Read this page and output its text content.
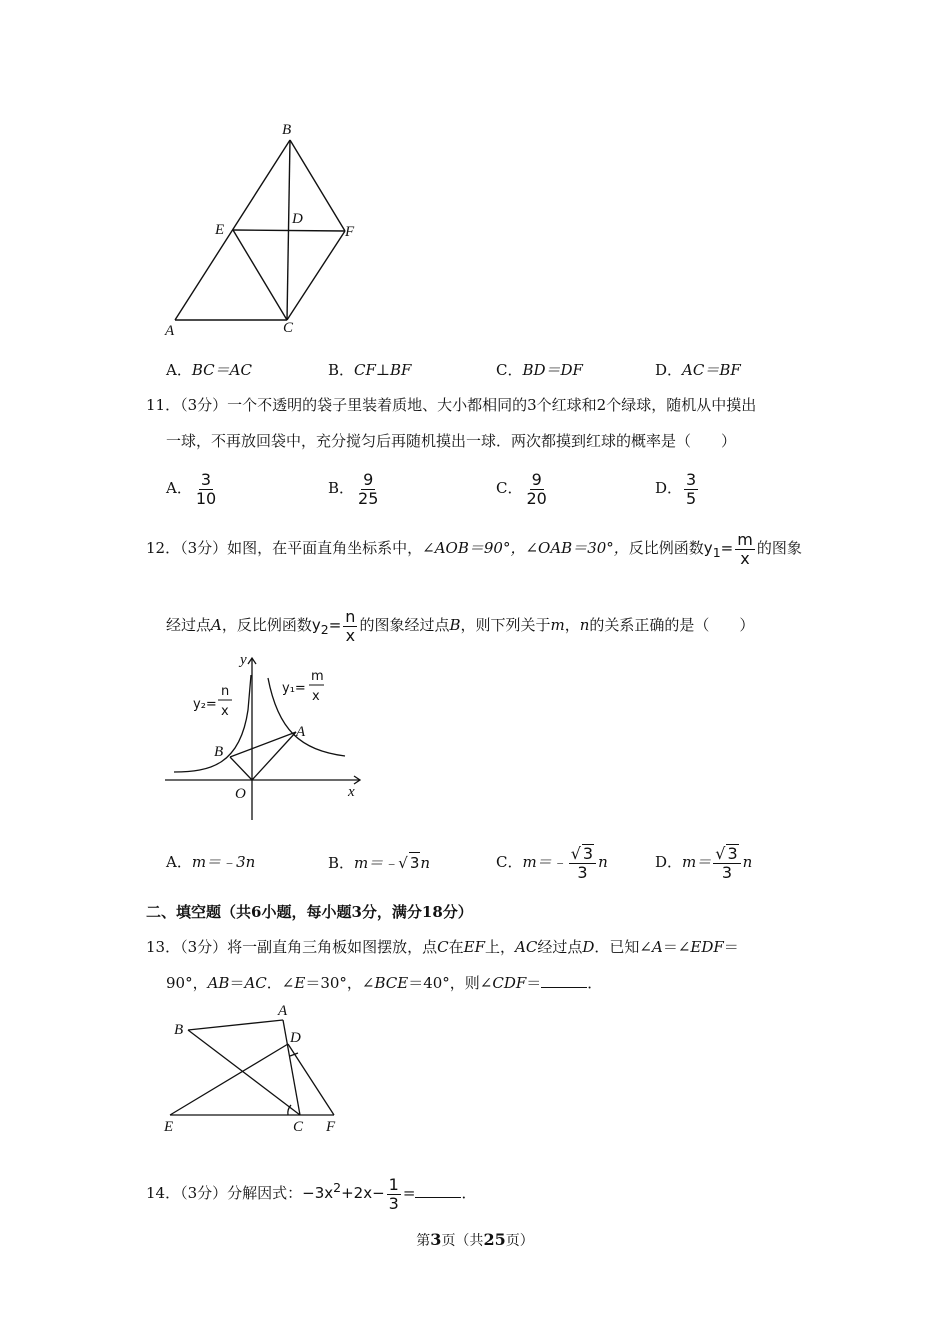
B
D
E	F
A	C
A．BC＝AC	B．CF⊥BF	C．BD＝DF	D．AC＝BF
11．（3分）一个不透明的袋子里装着质地、大小都相同的3个红球和2个绿球，随机从中摸出
一球，不再放回袋中，充分搅匀后再随机摸出一球．两次都摸到红球的概率是（　　）
A． $\frac{3}{10}$	B． $\frac{9}{25}$	C． $\frac{9}{20}$	D． $\frac{3}{5}$
12．（3分）如图，在平面直角坐标系中，∠AOB＝90°，∠OAB＝30°，反比例函数$y_1= \frac{m}{x}$ 的图象
经过点A，反比例函数$y_2= \frac{n}{x}$ 的图象经过点B，则下列关于m，n的关系正确的是（　　）
y
x
O
A
B
y₂=
n
x
y₁=
m
x
A．m＝﹣3n	B．m＝﹣√ 3n	C．m＝﹣ $\frac{√ 3}{3}$ n	D．$m= \frac{√ 3}{3}$ n
二、填空题（共6小题，每小题3分，满分18分）
13．（3分）将一副直角三角板如图摆放，点C在EF上，AC经过点D．已知∠A＝∠EDF＝
90°，AB＝AC．∠E＝30°，∠BCE＝40°，则∠CDF＝	．
A
B	D
E	C F
14．（3分）分解因式：$-3x^2+2x- \frac{1}{3}$ =	．
第3页（共25页）
